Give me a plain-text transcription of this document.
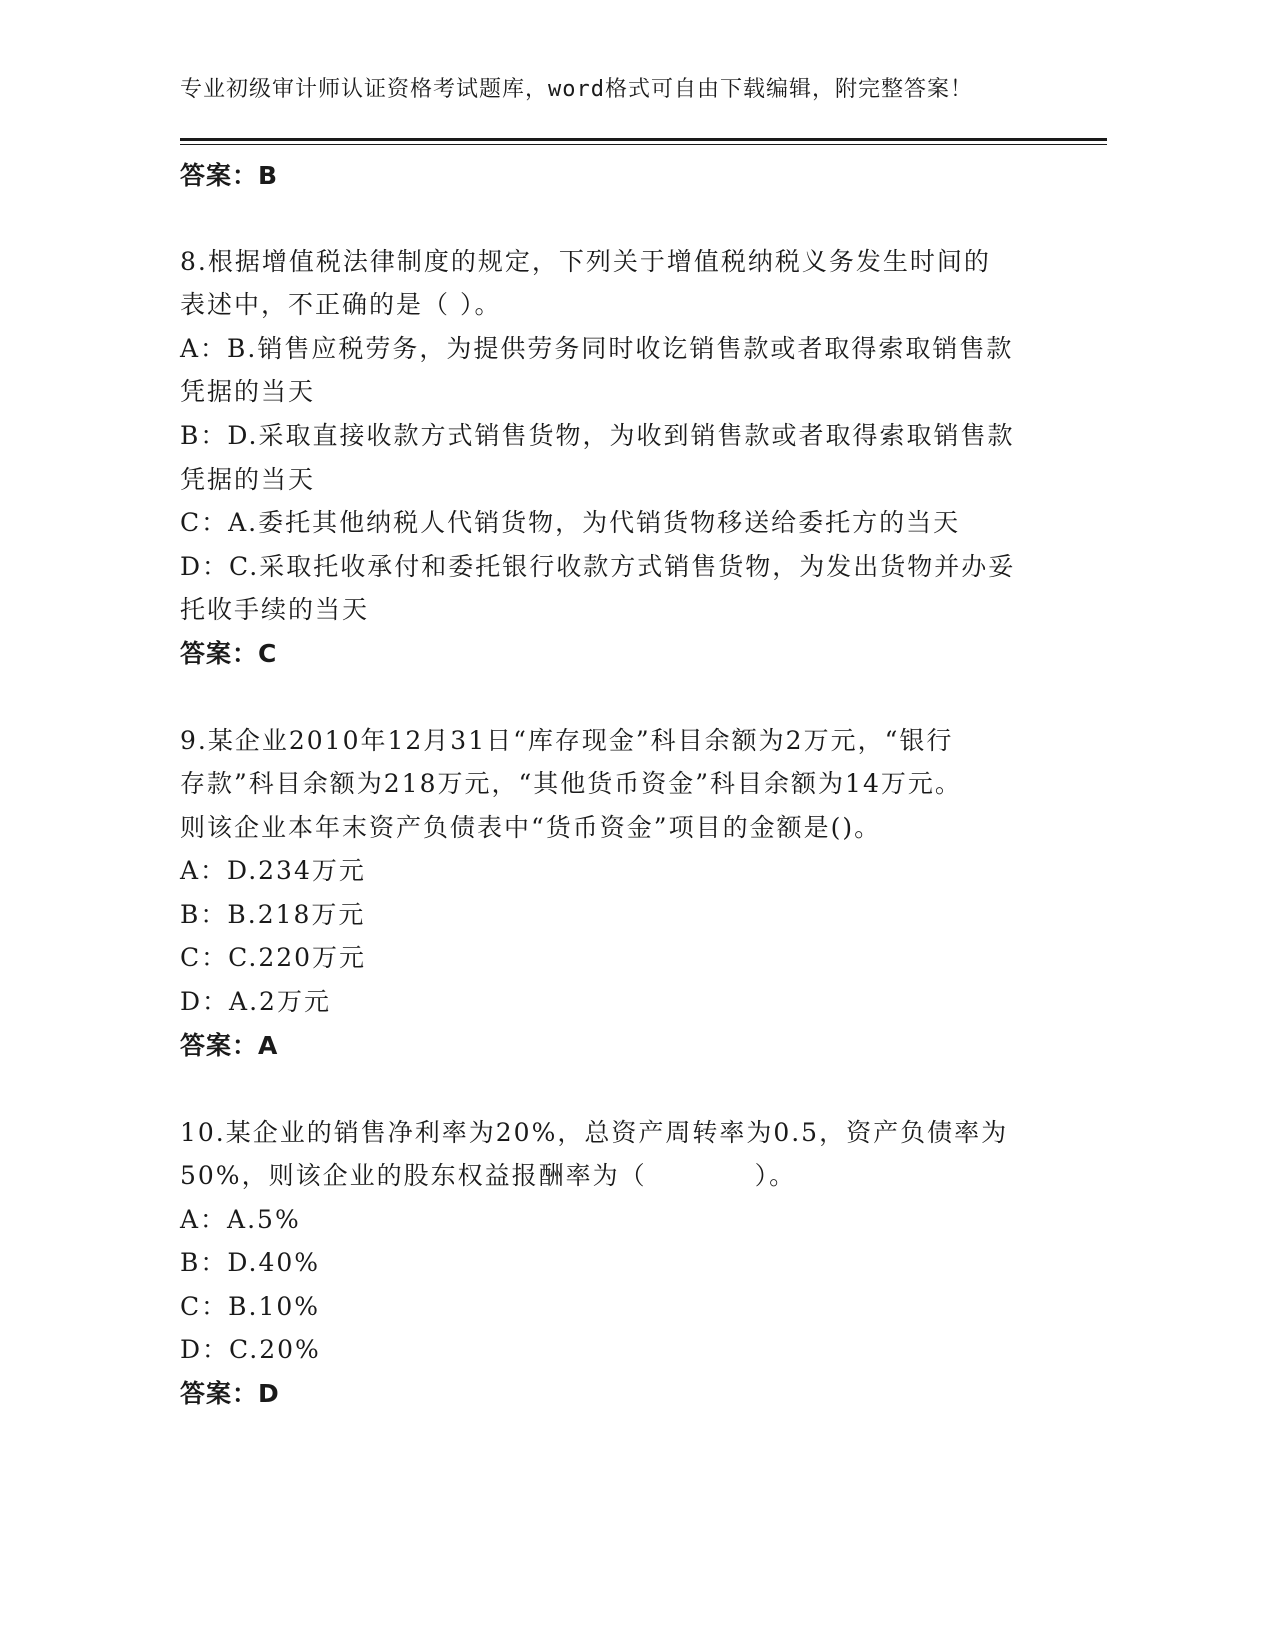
专业初级审计师认证资格考试题库，word格式可自由下载编辑，附完整答案！
答案：B
8.根据增值税法律制度的规定，下列关于增值税纳税义务发生时间的
表述中，不正确的是（ ）。
A：B.销售应税劳务，为提供劳务同时收讫销售款或者取得索取销售款
凭据的当天
B：D.采取直接收款方式销售货物，为收到销售款或者取得索取销售款
凭据的当天
C：A.委托其他纳税人代销货物，为代销货物移送给委托方的当天
D：C.采取托收承付和委托银行收款方式销售货物，为发出货物并办妥
托收手续的当天
答案：C
9.某企业2010年12月31日“库存现金”科目余额为2万元，“银行
存款”科目余额为218万元，“其他货币资金”科目余额为14万元。
则该企业本年末资产负债表中“货币资金”项目的金额是()。
A：D.234万元
B：B.218万元
C：C.220万元
D：A.2万元
答案：A
10.某企业的销售净利率为20%，总资产周转率为0.5，资产负债率为
50%，则该企业的股东权益报酬率为（　　　　）。
A：A.5%
B：D.40%
C：B.10%
D：C.20%
答案：D
